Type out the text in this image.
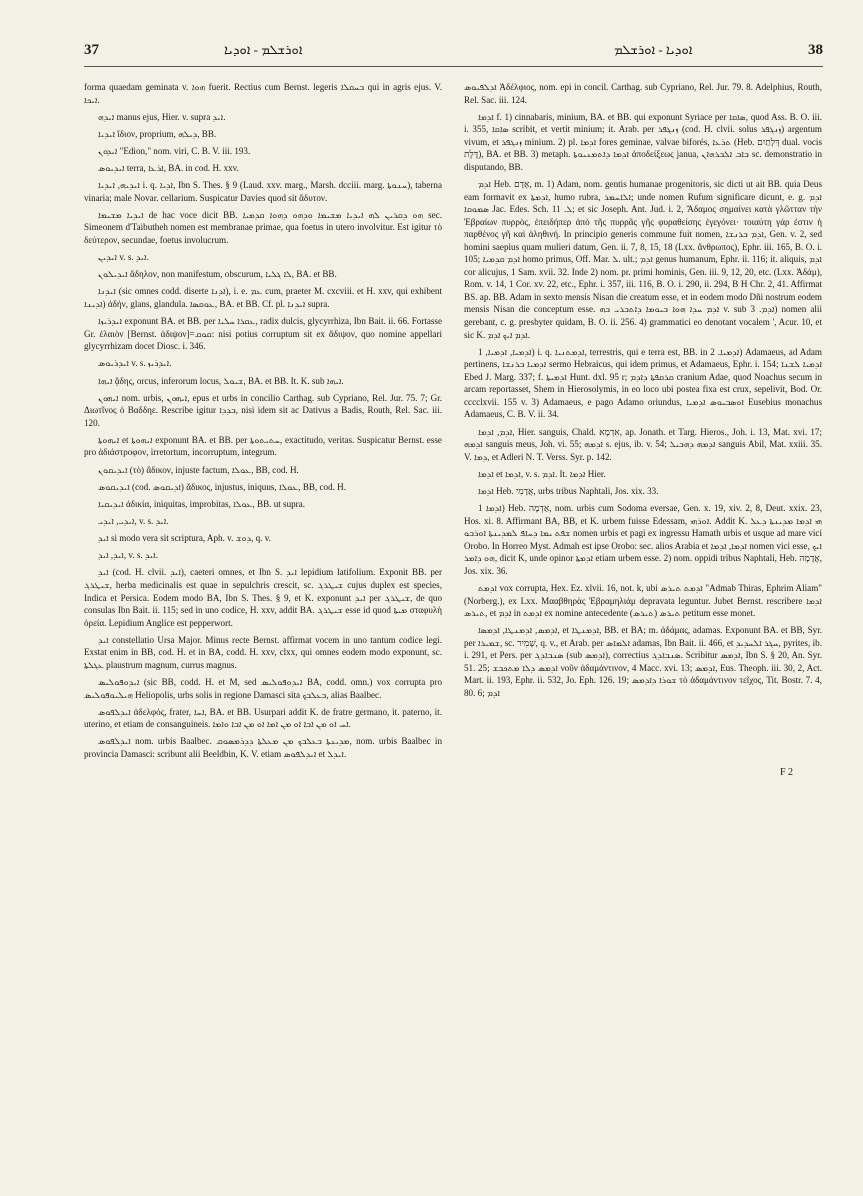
37	ܐܘܪܫܠܡ - ܐܘܕܝܐ	ܐܘܕܝܐ - ܐܘܪܫܠܡ	38

forma quaedam geminata v. ܗܘܐ fuerit. Rectius cum Bernst. legeris ܒܚܩܠܐ qui in agris ejus. V. ܐܝܟܐ.

ܐܝܕܗ manus ejus, Hier. v. supra ܐܝܕ.

ܐܝܕܝܐ ἴδιον, proprium, ܕܝܠܗ, BB.

ܐܝܕܘܢ "Edion," nom. viri, C. B. V. iii. 193.

ܐܝܕܝܘܣ terra, ܐܪܥܐ, BA. in cod. H. xxv.

ܐܝܕܝܗ, ܐܝܕܝܐ i. q. ܐܕܝܐ, Ibn S. Thes. § 9 (Laud. xxv. marg., Marsh. dcciii. marg. ܚܢܘܬܐ), taberna vinaria; male Novar. cellarium. Suspicatur Davies quod sit ἄδυτον.

ܐܝܕܝܐ ܡܫܝܡܐ de hac voce dicit BB. ܗܘ ܕܩܪܝܢ ܠܗ ܐܝܕܝܐ ܡܫܝܡܐ ܘܕܗܘ ܕܗܘܐ ܩܕܡܝܐ sec. Simeonem d'Taibutheh nomen est membranae primae, qua foetus in utero involvitur. Est igitur τὸ δεύτερον, secundae, foetus involucrum.

ܐܝܕܝܢ v. s. ܐܝܕ.

ܐܝܕܝܠܘܢ ἄδηλον, non manifestum, obscurum, ܠܐ ܓܠܝܐ, BA. et BB.

ܐܝܕܢܐ (sic omnes codd. diserte ܐܕܢܐ), i. e. ܥܡ cum, praeter M. cxcviii. et H. xxv, qui exhibent ܐܕܝܢܐ) ἀδήν, glans, glandula. ܥܘܩܣܐ, BA. et BB. Cf. pl. ܐܝܕܢܐ supra.

ܐܝܕܪܝܙܐ exponunt BA. et BB. per ܥܩܪܐ ܚܠܝܐ, radix dulcis, glycyrrhiza, Ibn Bait. ii. 66. Fortasse Gr. ἐλαιὸν [Bernst. ἀδιψον]=ܩܘܩ: nisi potius corruptum sit ex ἄδιψον, quo nomine appellari glycyrrhizam docet Diosc. i. 346.

ܐܝܕܪܝܘܣ v. s. ܐܝܕܪܝܙ.

ܐܝܗܐ ᾅδης, orcus, inferorum locus, ܫܝܘܠ, BA. et BB. It. K. sub ܐܝܗܐ.

ܐܝܗܘܢ nom. urbis, ܐܝܗܘܢ, epus et urbs in concilio Carthag. sub Cypriano, Rel. Jur. 75. 7; Gr. Διωτῖνος ὁ Βαδδηε. Rescribe igitur ܒܕܕܐ, nisi idem sit ac Dativus a Badis, Routh, Rel. Sac. iii. 120.

ܐܝܗܘܬܐ et ܐܝܗܘܬܐ exponunt BA. et BB. per ܚܬܝܬܘܬܐ, exactitudo, veritas. Suspicatur Bernst. esse pro ἀδιάστροφον, irretortum, incorruptum, integrum.

ܐܝܕܝܩܘܢ (τὸ) ἄδικον, injuste factum, ܥܘܠܐ, BB, cod. H.

ܐܝܕܝܩܘܣ (cod. ܐܕܝܩܘܣ) ἄδικος, injustus, iniquus, ܥܘܠܐ, BB, cod. H.

ܐܝܕܝܩܝܐ ἀδικία, iniquitas, improbitas, ܥܘܠܐ, BB. ut supra.

ܐܝܕܝ, ܐܝܕܝ, v. s. ܐܝܕ.

ܐܝܕ si modo vera sit scriptura, Aph. v. ܕܘܫ, q. v.

ܐܝܕ, ܐܝܕ, v. s. ܐܝܕ.

ܐܝܕ (cod. H. clvii. ܐܝܕ), caeteri omnes, et Ibn S. ܐܝܕ lepidium latifolium. Exponit BB. per ܫܝܛܪܓ, herba medicinalis est quae in sepulchris crescit, sc. ܫܝܛܪܓ cujus duplex est species, Indica et Persica. Eodem modo BA, Ibn S. Thes. § 9, et K. exponunt ܐܝܕ per ܫܝܛܪܓ, de quo consulas Ibn Bait. ii. 115; sed in uno codice, H. xxv, addit BA. ܫܝܛܪܓ esse id quod ܡܝܬܐ σταφυλὴ ὀρεία. Lepidium Anglice est pepperwort.

ܐܝܕ constellatio Ursa Major. Minus recte Bernst. affirmat vocem in uno tantum codice legi. Exstat enim in BB, cod. H. et in BA, codd. H. xxv, clxx, qui omnes eodem modo exponunt, sc. ܥܓܠܬܐ plaustrum magnum, currus magnus.

ܐܝܕܘܦܘܠܝܣ (sic BB, codd. H. et M, sed ܐܝܕܘܦܘܠܝܣ BA, codd. omn.) vox corrupta pro ܗܝܠܝܘܦܘܠܝܣ Heliopolis, urbs solis in regione Damasci sita ܒܥܠܒܟ, alias Baalbec.

ܐܝܕܠܦܘܣ ἀδελφός, frater, ܐܚܐ, BA. et BB. Usurpari addit K. de fratre germano, it. paterno, it. uterino, et etiam de consanguineis. ܐܚ ܐܘ ܡܢ ܐܒܐ ܐܘ ܡܢ ܐܡܐ ܐܘ ܡܢ ܐܒܐ ܘܐܡܐ.

ܐܝܕܠܦܘܣ nom. urbis Baalbec. ܡܕܝܢܬܐ ܒܥܠܒܟ ܡܢ ܡܥܠܬܐ ܕܕܪܡܣܘܩ, nom. urbis Baalbec in provincia Damasci: scribunt alii Beeldbin, K. V. etiam ܐܝܕܠܦܘܣ et ܐܝܕܠ.

ܐܕܠܦܝܘܣ Ἀδέλφιος, nom. epi in concil. Carthag. sub Cypriano, Rel. Jur. 79. 8. Adelphius, Routh, Rel. Sac. iii. 124.

ܐܕܡܐ f. 1) cinnabaris, minium, BA. et BB. qui exponunt Syriace per ܣܐܩܐ, quod Ass. B. O. iii. i. 355, ܣܐܩܐ scribit, et vertit minium; it. Arab. per ܙܢܓܦܪ (cod. H. clvii. solus ܙܢܓܦܪ) argentum vivum, et ܙܢܓܦܪ minium. 2) pl. ܐܕܡܐ fores geminae, valvae biforés, ܬܪܥܐ (Heb. דְּלָתַיִם dual. vocis דֶּלֶת), BA. et BB. 3) metaph. ܐܕܡܐ ܕܐܬܡܢܝܘܬܐ ἀποδείξεως janua, ܒܐܒ ܐܠܒܪܗܐܢ sc. demonstratio in disputando, BB.

ܐܕܡ Heb. אָדָם, m. 1) Adam, nom. gentis humanae progenitoris, sic dicti ut ait BB. quia Deus eam formavit ex ܐܕܡܬܐ, humo rubra, ܐܠܐܚܡܪ; unde nomen Rufum significare dicunt, e. g. ܐܕܡ ܣܡܘܩܐ Jac. Edes. Sch. ܠ. 11; et sic Joseph. Ant. Jud. i. 2, Ἄδαμος σημαίνει κατὰ γλῶτταν τὴν Ἑβραίων πυρρὸς, ἐπειδήπερ ἀπὸ τῆς πυρρᾶς γῆς φυραθείσης ἐγεγόνει· τοιαύτη γάρ ἐστιν ἡ παρθένος γῆ καὶ ἀληθινή. In principio generis commune fuit nomen, ܐܕܡ ܒܪܢܫܐ, Gen. v. 2, sed homini saepius quam mulieri datum, Gen. ii. 7, 8, 15, 18 (Lxx. ἄνθρωπος), Ephr. iii. 165, B. O. i. 105; ܐܕܡ ܩܕܡܝܐ homo primus, Off. Mar. ܠ. ult.; ܐܕܡ genus humanum, Ephr. ii. 116; it. aliquis, ܐܕܡ cor alicujus, 1 Sam. xvii. 32. Inde 2) nom. pr. primi hominis, Gen. iii. 9, 12, 20, etc. (Lxx. Ἀδάμ), Rom. v. 14, 1 Cor. xv. 22, etc., Ephr. i. 357, iii. 116, B. O. i. 290, ii. 294, B H Chr. 2, 41. Affirmat BS. ap. BB. Adam in sexto mensis Nisan die creatum esse, et in eodem modo Dñi nostrum eodem mensis Nisan die conceptum esse. ܐܕܡ ܚܕܐ ܗܘܐ ܒܝܘܡܐ ܕܐܬܒܪܝ ܒܗ v. sub ܐܕܡ. 3) nomen alii gerebant, c. g. presbyter quidam, B. O. ii. 256. 4) grammatici eo denotant vocalem ', Acur. 10, et sic K. ܐܕܡ ܐܝܟ ܐܕܡ.

ܐܕܡܝܐ, ܐܕܡܝܐ, 1) i. q. ܐܕܡܬܢܝܐ, terrestris, qui e terra est, BB. in ܐܕܡܝܐ. 2) Adamaeus, ad Adam pertinens, ܐܕܡܝܐ ܒܪܢܫܐ sermo Hebraicus, qui idem primus, et Adamaeus, Ephr. i. 154; ܐܕܡܝܐ ܠܫܢܐ Ebed J. Marg. 337; f. ܐܕܡܝܬܐ Hunt. dxl. 95 r; ܩܪܩܦܬܐ ܕܐܕܡ cranium Adae, quod Noachus secum in arcam reportasset, Shem in Hierosolymis, in eo loco ubi postea fixa est crux, sepelivit, Bod. Or. cccclxvii. 155 v. 3) Adamaeus, e pago Adamo oriundus, ܐܘܣܒܝܘܣ ܐܕܡܝܐ Eusebius monachus Adamaeus, C. B. V. ii. 34.

ܐܕܡ, ܐܕܡܐ, Hier. sanguis, Chald. אִדְמָא, ap. Jonath. et Targ. Hieros., Joh. i. 13, Mat. xvi. 17; ܐܕܡܗ sanguis meus, Joh. vi. 55; ܐܕܡܗ s. ejus, ib. v. 54; ܐܕܡܗ ܕܗܒܝܠ sanguis Abil, Mat. xxiii. 35. V. ܕܡܐ, et Adleri N. T. Verss. Syr. p. 142.

ܐܕܡܐ et ܐܕܡܐ, v. s. ܐܕܡ. It. ܐܕܡܐ Hier.

ܐܕܡܐ Heb. אֲדָמִי, urbs tribus Naphtali, Jos. xix. 33.

ܐܕܡܐ 1) Heb. אַדְמָה, nom. urbis cum Sodoma eversae, Gen. x. 19, xiv. 2, 8, Deut. xxix. 23, Hos. xi. 8. Affirmant BA, BB, et K. urbem fuisse Edessam, ܐܘܪܗܝ. Addit K. ܗܝ ܐܕܡܐ ܡܕܝܢܬܐ ܕܥܠ ܫܦܬ ܝܡܐ ܕܚܐܦ ܠܡܕܝܢܬܐ ܐܘܪܒܘ nomen urbis et pagi ex ingressu Hamath urbis et usque ad mare vici Orobo. In Horreo Myst. Admah est ipse Orobo: sec. alios Arabia et ܐܕܡܐ, ܐܕܡܐ nomen vici esse, ܐܝܟ ܗܘ ܕܐܡܪ, dicit K, unde opinor ܐܕܡܬܐ etiam urbem esse. 2) nom. oppidi tribus Naphtali, Heb. אֲדָמָה, Jos. xix. 36.

ܐܕܡܬ vox corrupta, Hex. Ez. xlvii. 16, not. k, ubi ܐܕܡܬ ܬܝܪܣ "Admab Thiras, Ephrim Aliam" (Norberg.), ex Lxx. Μααβθηρὰς Ἐβραμηλιάμ depravata leguntur. Jubet Bernst. rescribere ܐܕܡܐ ܬܝܪܣ, et ܐܕܡ in ܐܕܡܬ ex nomine antecedente ܬܝܪܣ (ܬܝܪܣ) petitum esse monet.

ܐܕܡܣ, ܐܕܡܢܛܐ, ܐܕܡܣܐ, et ܐܕܡܢܛܐ, BB. et BA; m. ἀδάμας, adamas. Exponunt BA. et BB, Syr. per ܫܡܝܪܐ, sc. שָׁמִיר, q. v., et Arab. per ܐܠܡܐܣ adamas, Ibn Bait. ii. 466, et ܚܓܪ ܐܠܚܕܝܕ, pyrites, ib. i. 291, et Pers. per ܣܢܒܐܕܓ (sub ܐܕܡܣ), correctius ܣܢܒܐܕܓ. Scribitur ܐܕܡܣ, Ibn S. § 20, An. Syr. 51. 25; ܐܕܡܣ ܕܠܐ ܡܬܟܒܫ νοῦν ἀδαμάντινον, 4 Macc. xvi. 13; ܐܕܡܣ, Eus. Theoph. iii. 30, 2, Act. Mart. ii. 193, Ephr. ii. 532, Jo. Eph. 126. 19; ܫܘܪܐ ܕܐܕܡܣ τὸ ἀδαμάντινον τεῖχος, Tit. Bostr. 7. 4, 80. 6; ܐܕܡ

F 2
